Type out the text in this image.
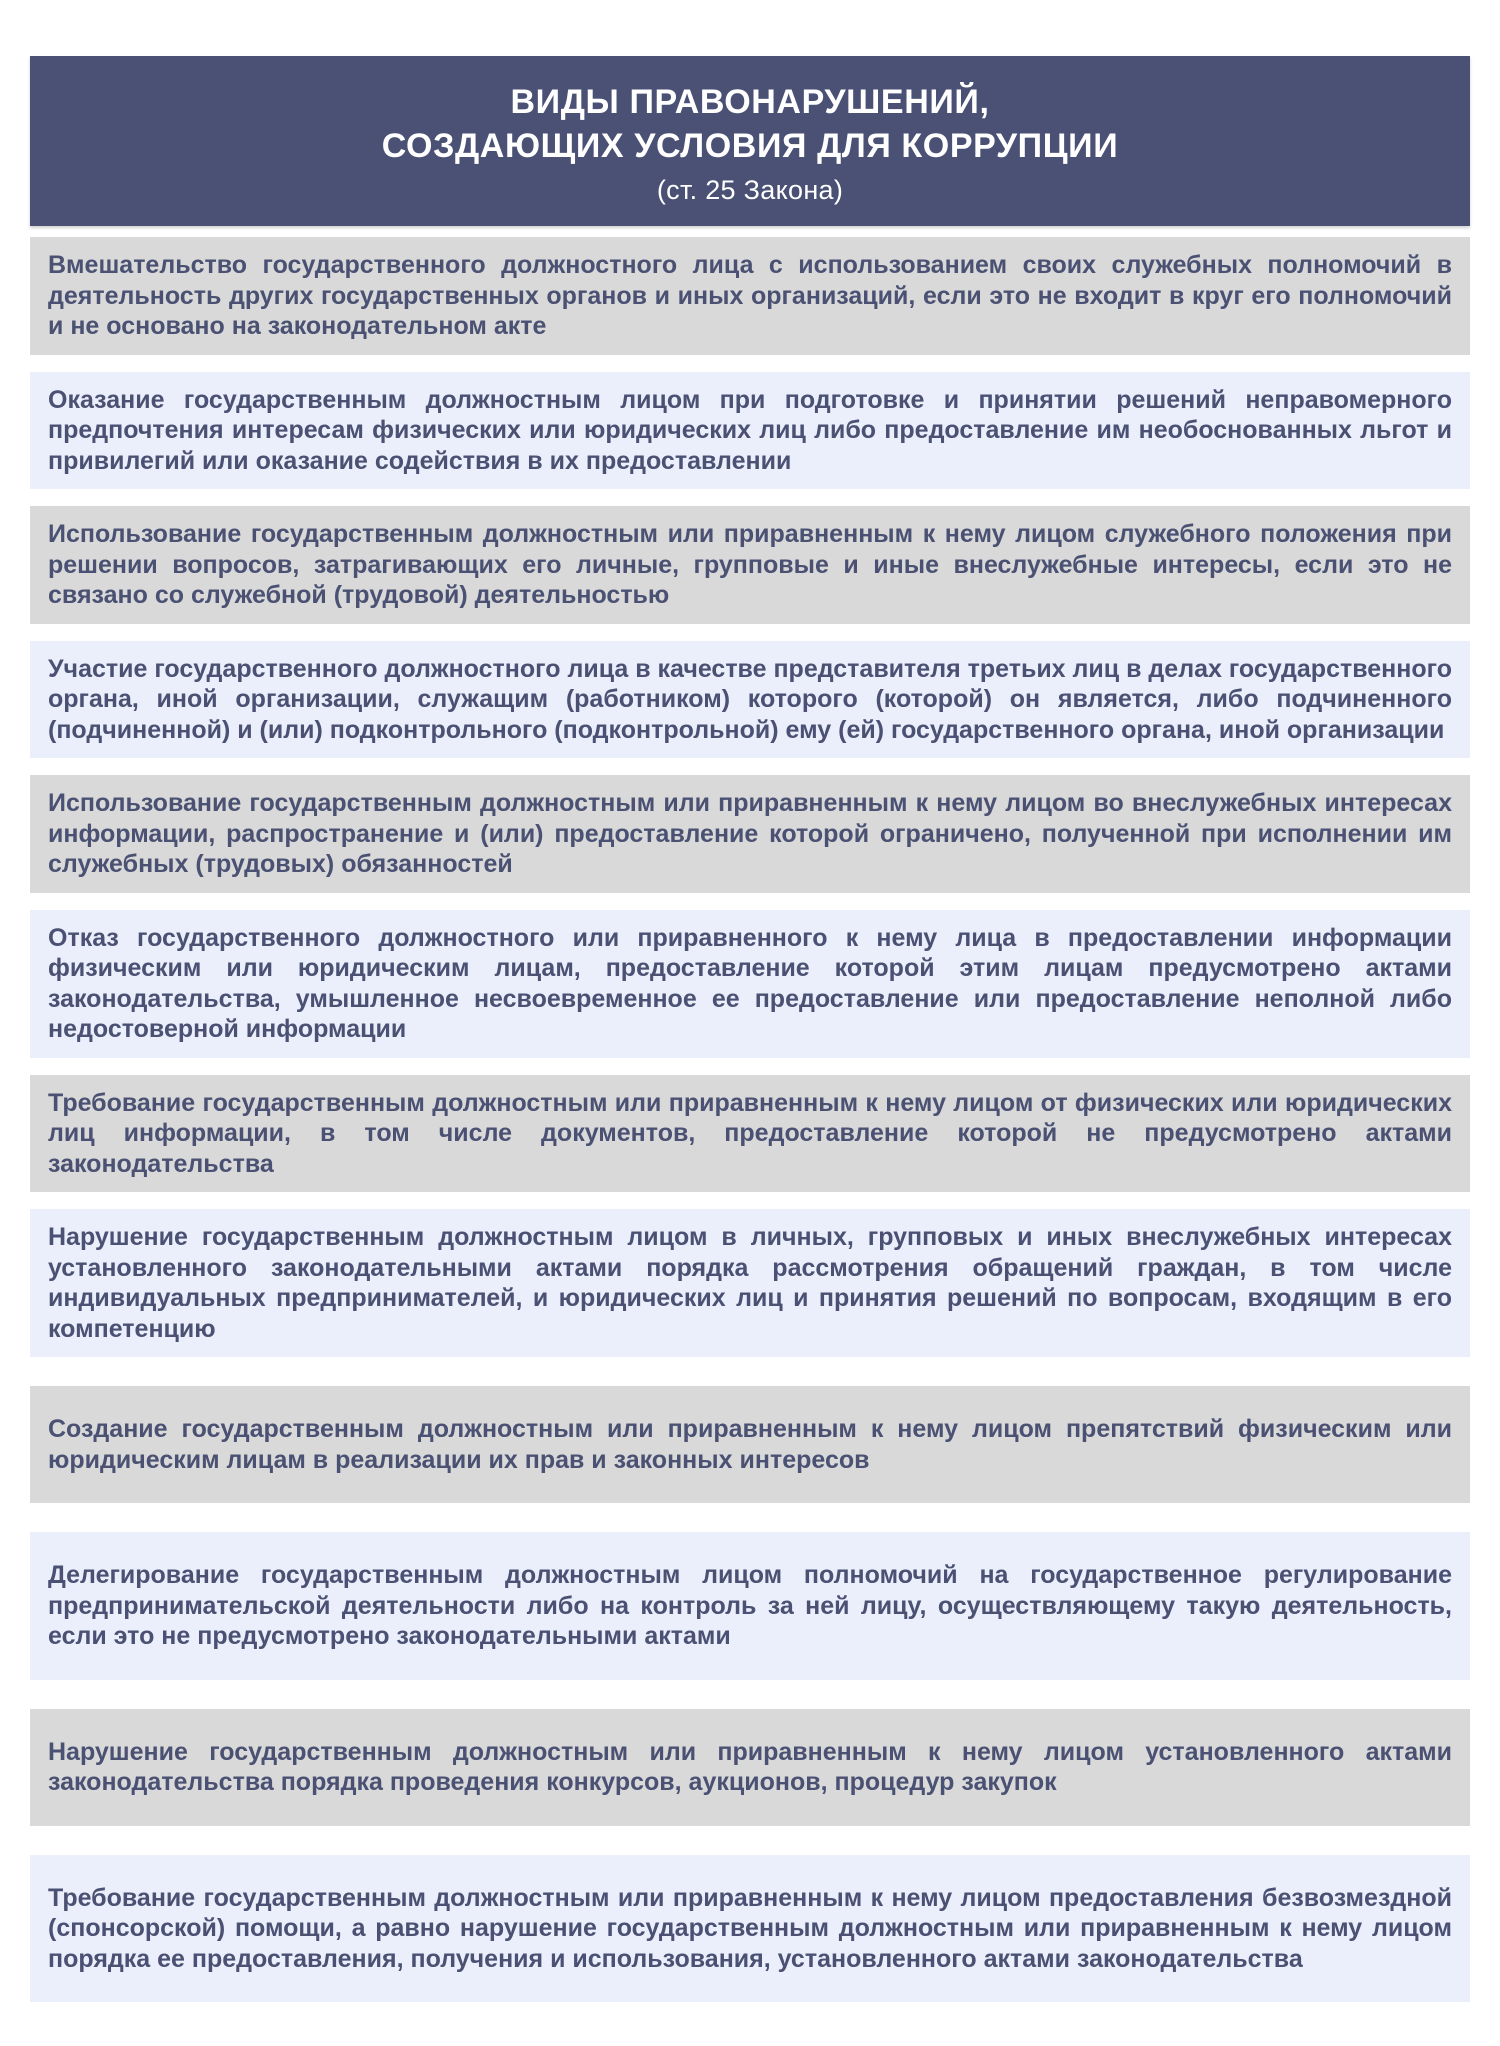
ВИДЫ ПРАВОНАРУШЕНИЙ,
СОЗДАЮЩИХ УСЛОВИЯ ДЛЯ КОРРУПЦИИ
(ст. 25 Закона)

Вмешательство государственного должностного лица с использованием своих служебных полномочий в деятельность других государственных органов и иных организаций, если это не входит в круг его полномочий и не основано на законодательном акте

Оказание государственным должностным лицом при подготовке и принятии решений неправомерного предпочтения интересам физических или юридических лиц либо предоставление им необоснованных льгот и привилегий или оказание содействия в их предоставлении

Использование государственным должностным или приравненным к нему лицом служебного положения при решении вопросов, затрагивающих его личные, групповые и иные внеслужебные интересы, если это не связано со служебной (трудовой) деятельностью

Участие государственного должностного лица в качестве представителя третьих лиц в делах государственного органа, иной организации, служащим (работником) которого (которой) он является, либо подчиненного (подчиненной) и (или) подконтрольного (подконтрольной) ему (ей) государственного органа, иной организации

Использование государственным должностным или приравненным к нему лицом во внеслужебных интересах информации, распространение и (или) предоставление которой ограничено, полученной при исполнении им служебных (трудовых) обязанностей

Отказ государственного должностного или приравненного к нему лица в предоставлении информации физическим или юридическим лицам, предоставление которой этим лицам предусмотрено актами законодательства, умышленное несвоевременное ее предоставление или предоставление неполной либо недостоверной информации

Требование государственным должностным или приравненным к нему лицом от физических или юридических лиц информации, в том числе документов, предоставление которой не предусмотрено актами законодательства

Нарушение государственным должностным лицом в личных, групповых и иных внеслужебных интересах установленного законодательными актами порядка рассмотрения обращений граждан, в том числе индивидуальных предпринимателей, и юридических лиц и принятия решений по вопросам, входящим в его компетенцию

Создание государственным должностным или приравненным к нему лицом препятствий физическим или юридическим лицам в реализации их прав и законных интересов

Делегирование государственным должностным лицом полномочий на государственное регулирование предпринимательской деятельности либо на контроль за ней лицу, осуществляющему такую деятельность, если это не предусмотрено законодательными актами

Нарушение государственным должностным или приравненным к нему лицом установленного актами законодательства порядка проведения конкурсов, аукционов, процедур закупок

Требование государственным должностным или приравненным к нему лицом предоставления безвозмездной (спонсорской) помощи, а равно нарушение государственным должностным или приравненным к нему лицом порядка ее предоставления, получения и использования, установленного актами законодательства
